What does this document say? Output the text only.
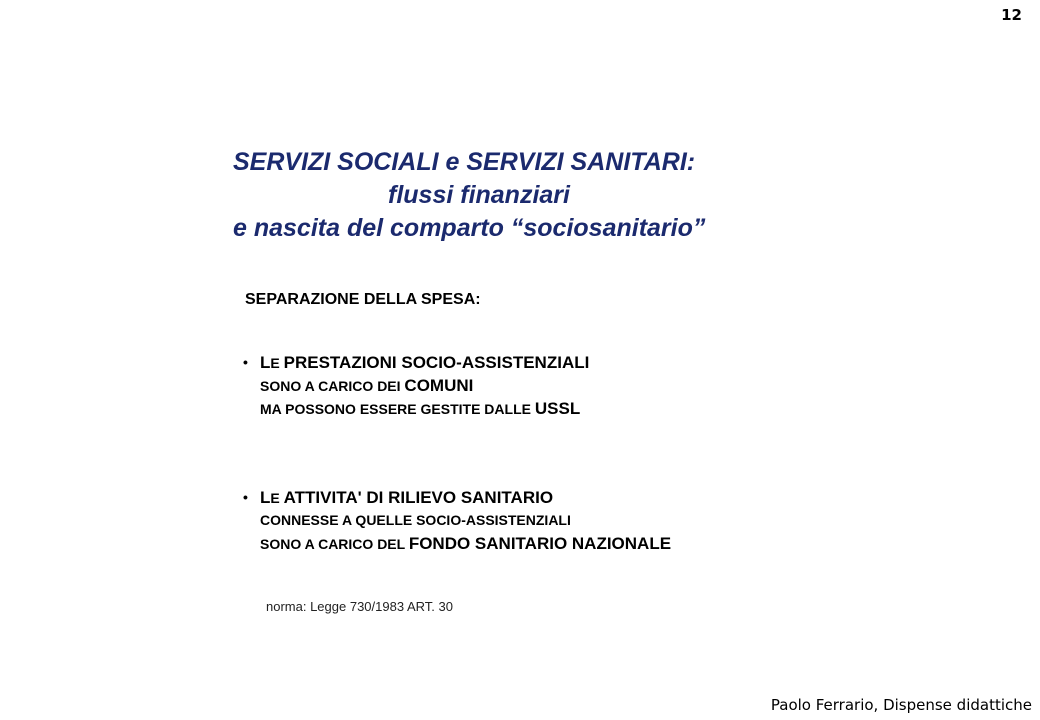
12
SERVIZI SOCIALI e SERVIZI SANITARI:
flussi finanziari
e nascita del comparto “sociosanitario”
SEPARAZIONE DELLA SPESA:
• LE PRESTAZIONI SOCIO-ASSISTENZIALI
SONO A CARICO DEI COMUNI
MA POSSONO ESSERE GESTITE DALLE USSL
• LE ATTIVITA' DI RILIEVO SANITARIO
CONNESSE A QUELLE SOCIO-ASSISTENZIALI
SONO A CARICO DEL FONDO SANITARIO NAZIONALE
norma: Legge 730/1983 ART. 30
Paolo Ferrario, Dispense didattiche
